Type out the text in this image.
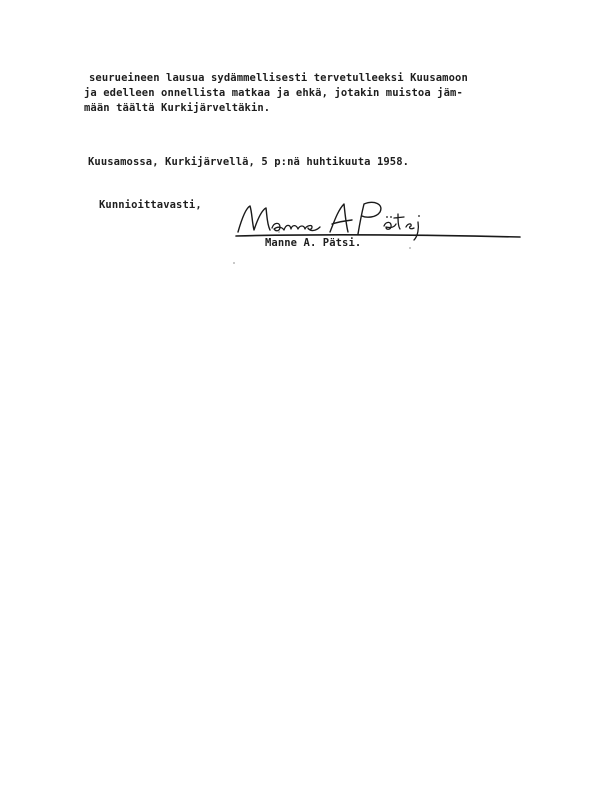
seurueineen lausua sydämmellisesti tervetulleeksi Kuusamoon
ja edelleen onnellista matkaa ja ehkä, jotakin muistoa jäm-
mään täältä Kurkijärveltäkin.
Kuusamossa, Kurkijärvellä, 5 p:nä huhtikuuta 1958.
Kunnioittavasti,
Manne A. Pätsi.
